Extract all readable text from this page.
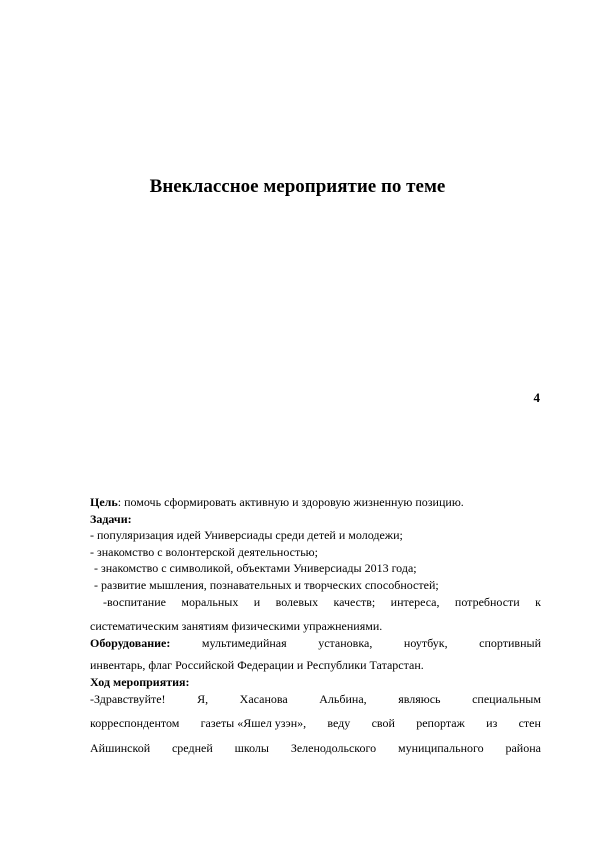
Внеклассное мероприятие по теме
4

Цель: помочь сформировать активную и здоровую жизненную позицию.

Задачи:

- популяризация идей Универсиады среди детей и молодежи;

- знакомство с волонтерской деятельностью;

- знакомство с символикой, объектами Универсиады 2013 года;

- развитие мышления, познавательных и творческих способностей;

-воспитание моральных и волевых качеств; интереса, потребности к

систематическим занятиям физическими упражнениями.

Оборудование:	мультимедийная	установка,	ноутбук,	спортивный

инвентарь, флаг Российской Федерации и Республики Татарстан.

Ход мероприятия:

-Здравствуйте!	Я,	Хасанова	Альбина,	являюсь	специальным
корреспондентом газеты «Яшел узэн», веду свой репортаж из стен
Айшинской средней школы Зеленодольского муниципального района
